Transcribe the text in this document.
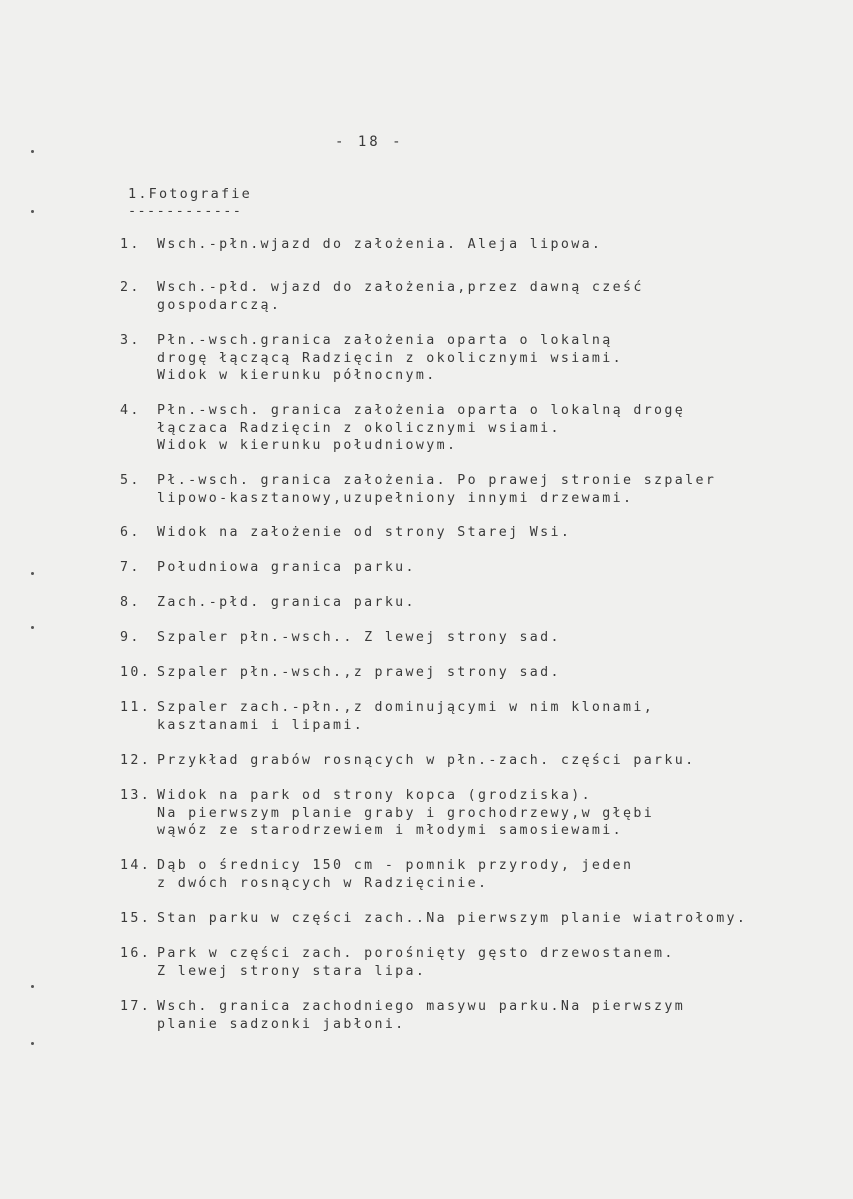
- 18 -
1.Fotografie
------------
1. Wsch.-płn.wjazd do założenia. Aleja lipowa.
2. Wsch.-płd. wjazd do założenia,przez dawną cześć
gospodarczą.
3. Płn.-wsch.granica założenia oparta o lokalną
drogę łączącą Radzięcin z okolicznymi wsiami.
Widok w kierunku północnym.
4. Płn.-wsch. granica założenia oparta o lokalną drogę
łączaca Radzięcin z okolicznymi wsiami.
Widok w kierunku południowym.
5. Pł.-wsch. granica założenia. Po prawej stronie szpaler
lipowo-kasztanowy,uzupełniony innymi drzewami.
6. Widok na założenie od strony Starej Wsi.
7. Południowa granica parku.
8. Zach.-płd. granica parku.
9. Szpaler płn.-wsch.. Z lewej strony sad.
10. Szpaler płn.-wsch.,z prawej strony sad.
11. Szpaler zach.-płn.,z dominującymi w nim klonami,
kasztanami i lipami.
12. Przykład grabów rosnących w płn.-zach. części parku.
13. Widok na park od strony kopca (grodziska).
Na pierwszym planie graby i grochodrzewy,w głębi
wąwóz ze starodrzewiem i młodymi samosiewami.
14. Dąb o średnicy 150 cm - pomnik przyrody, jeden
z dwóch rosnących w Radzięcinie.
15. Stan parku w części zach..Na pierwszym planie wiatrołomy.
16. Park w części zach. porośnięty gęsto drzewostanem.
Z lewej strony stara lipa.
17. Wsch. granica zachodniego masywu parku.Na pierwszym
planie sadzonki jabłoni.
